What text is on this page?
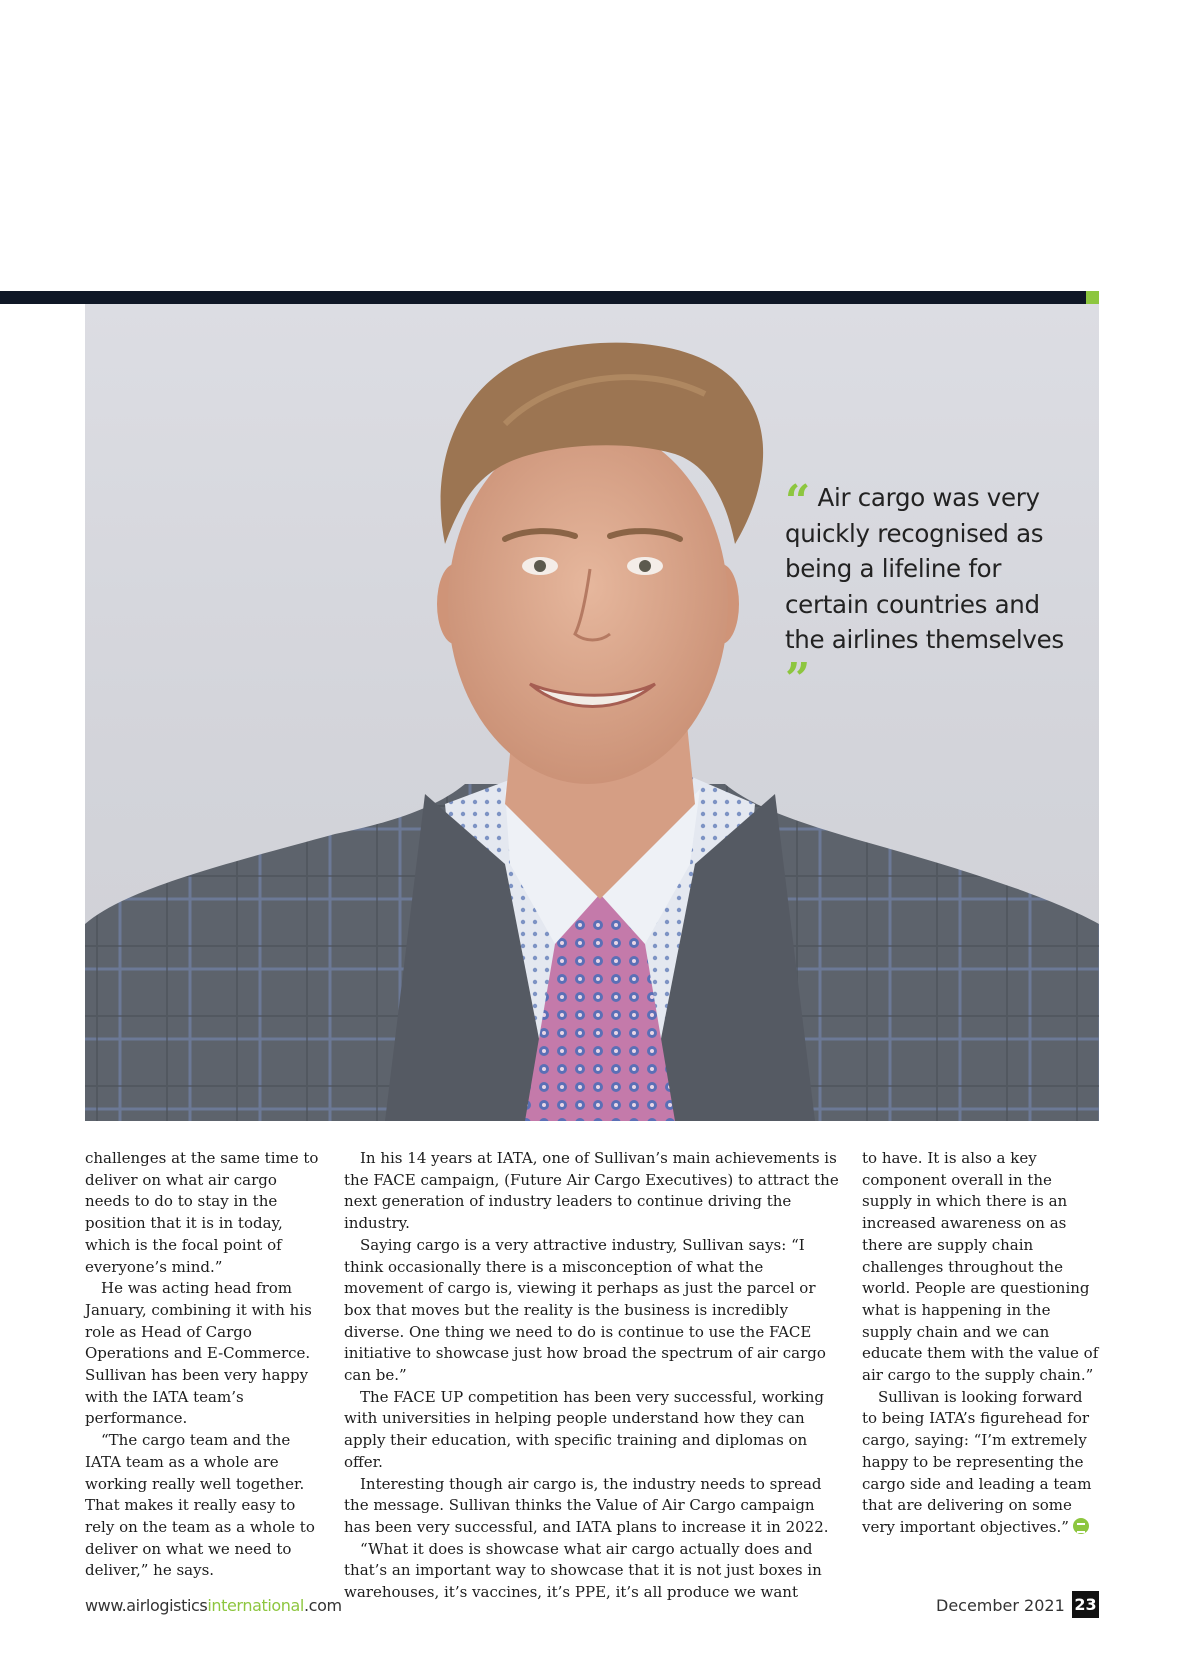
“ Air cargo was very quickly recognised as being a lifeline for certain countries and the airlines themselves ”

challenges at the same time to deliver on what air cargo needs to do to stay in the position that it is in today, which is the focal point of everyone’s mind.”

He was acting head from January, combining it with his role as Head of Cargo Operations and E-Commerce. Sullivan has been very happy with the IATA team’s performance.

“The cargo team and the IATA team as a whole are working really well together. That makes it really easy to rely on the team as a whole to deliver on what we need to deliver,” he says.

In his 14 years at IATA, one of Sullivan’s main achievements is the FACE campaign, (Future Air Cargo Executives) to attract the next generation of industry leaders to continue driving the industry.

Saying cargo is a very attractive industry, Sullivan says: “I think occasionally there is a misconception of what the movement of cargo is, viewing it perhaps as just the parcel or box that moves but the reality is the business is incredibly diverse. One thing we need to do is continue to use the FACE initiative to showcase just how broad the spectrum of air cargo can be.”

The FACE UP competition has been very successful, working with universities in helping people understand how they can apply their education, with specific training and diplomas on offer.

Interesting though air cargo is, the industry needs to spread the message. Sullivan thinks the Value of Air Cargo campaign has been very successful, and IATA plans to increase it in 2022.

“What it does is showcase what air cargo actually does and that’s an important way to showcase that it is not just boxes in warehouses, it’s vaccines, it’s PPE, it’s all produce we want

to have. It is also a key component overall in the supply in which there is an increased awareness on as there are supply chain challenges throughout the world. People are questioning what is happening in the supply chain and we can educate them with the value of air cargo to the supply chain.”

Sullivan is looking forward to being IATA’s figurehead for cargo, saying: “I’m extremely happy to be representing the cargo side and leading a team that are delivering on some very important objectives.”

www.airlogisticsinternational.com	December 2021 23
